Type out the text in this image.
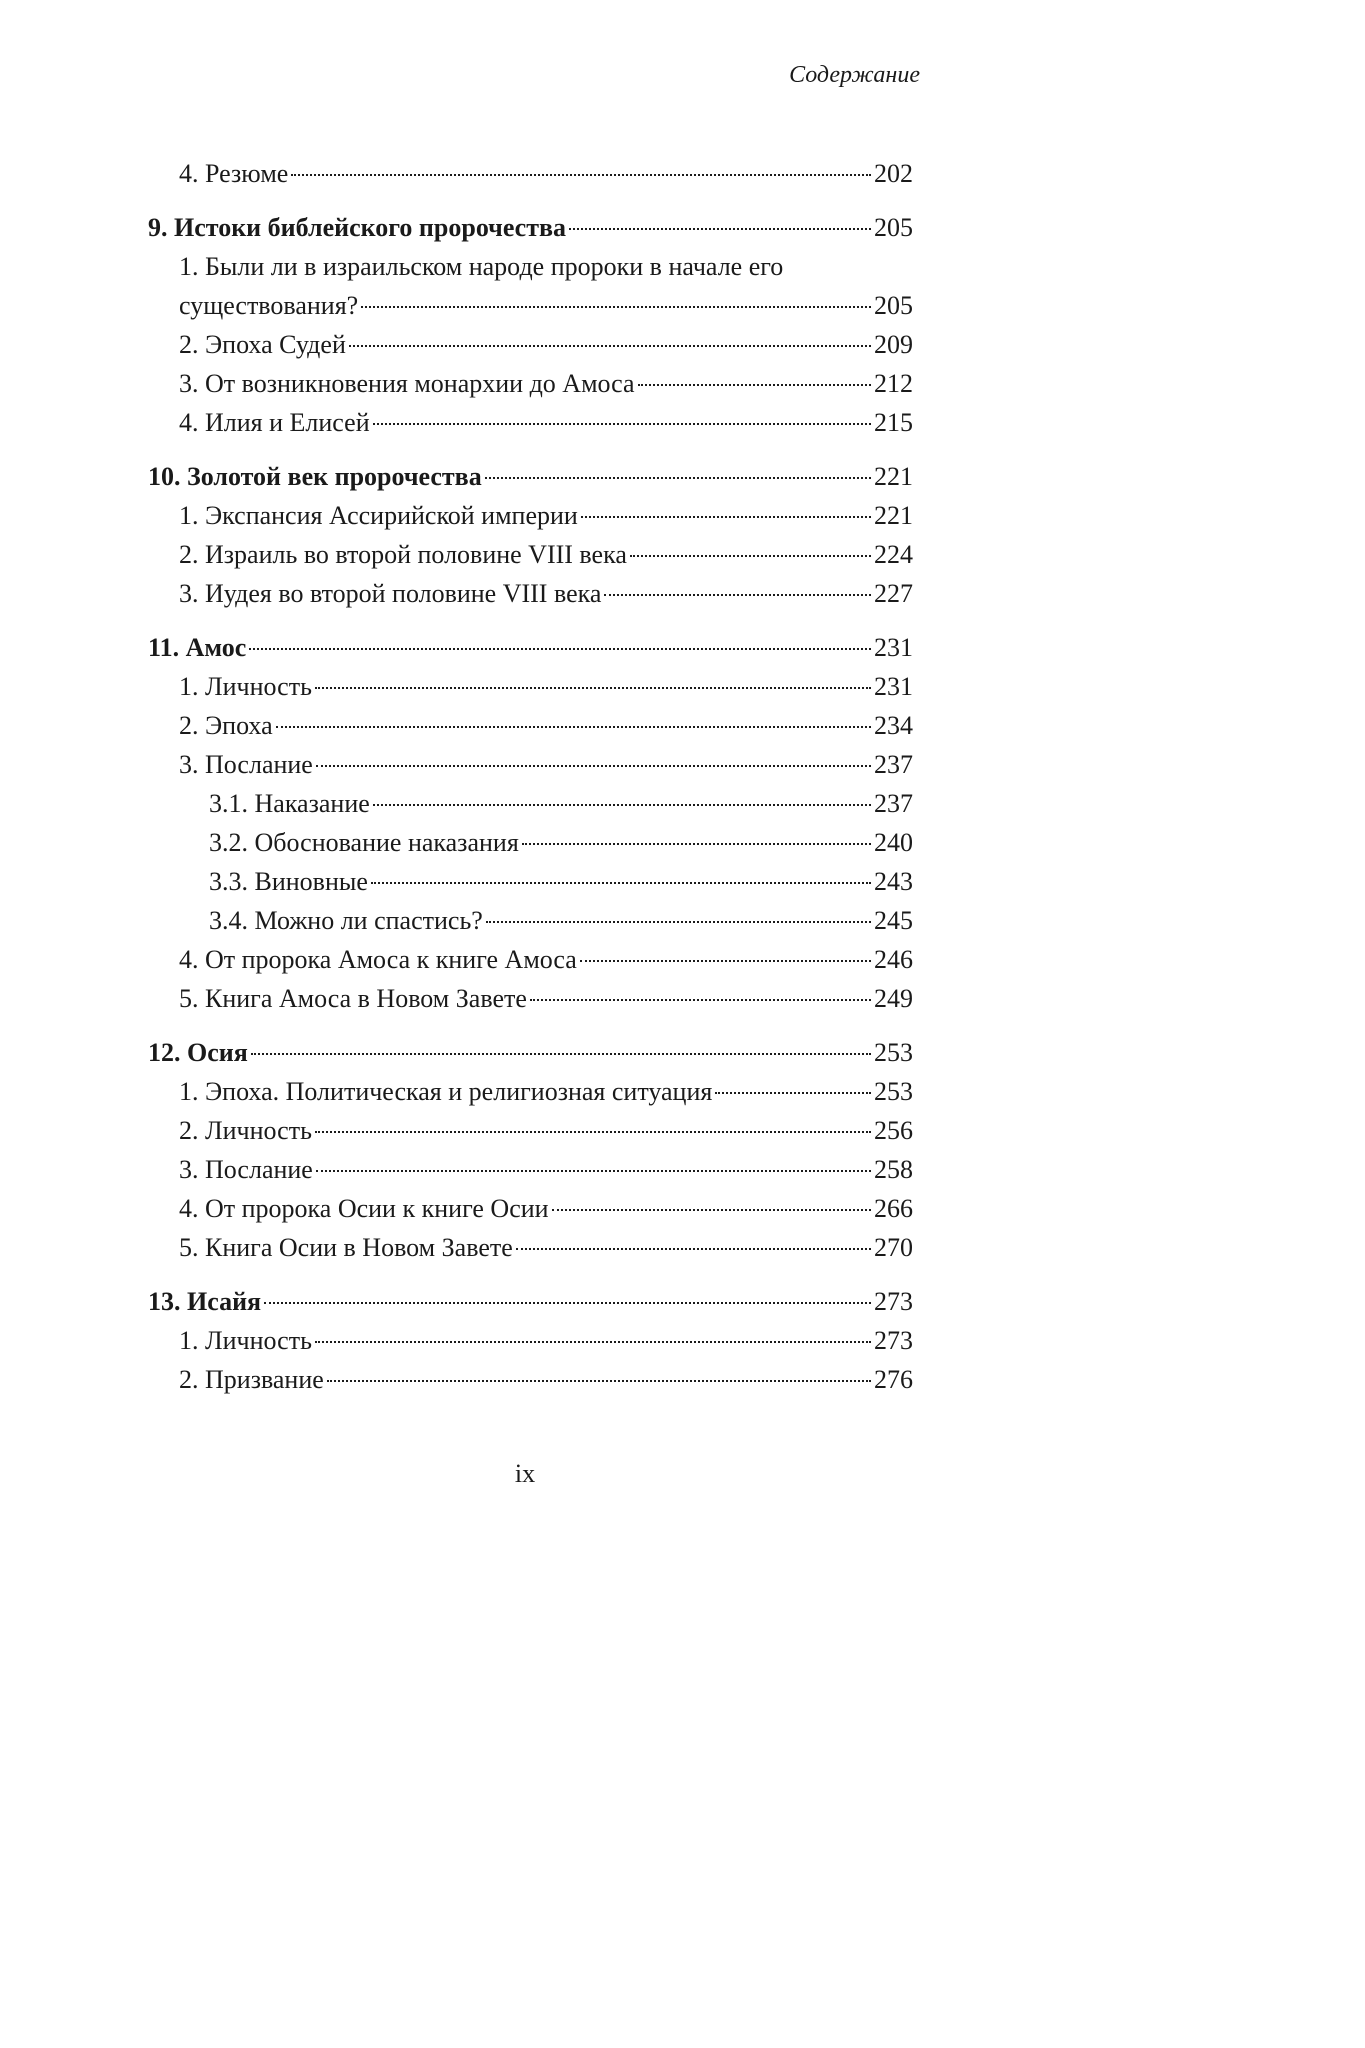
Содержание
4. Резюме	202
9. Истоки библейского пророчества	205
1. Были ли в израильском народе пророки в начале его
существования?	205
2. Эпоха Судей	209
3. От возникновения монархии до Амоса	212
4. Илия и Елисей	215
10. Золотой век пророчества	221
1. Экспансия Ассирийской империи	221
2. Израиль во второй половине VIII века	224
3. Иудея во второй половине VIII века	227
11. Амос	231
1. Личность	231
2. Эпоха	234
3. Послание	237
3.1. Наказание	237
3.2. Обоснование наказания	240
3.3. Виновные	243
3.4. Можно ли спастись?	245
4. От пророка Амоса к книге Амоса	246
5. Книга Амоса в Новом Завете	249
12. Осия	253
1. Эпоха. Политическая и религиозная ситуация	253
2. Личность	256
3. Послание	258
4. От пророка Осии к книге Осии	266
5. Книга Осии в Новом Завете	270
13. Исайя	273
1. Личность	273
2. Призвание	276
ix
